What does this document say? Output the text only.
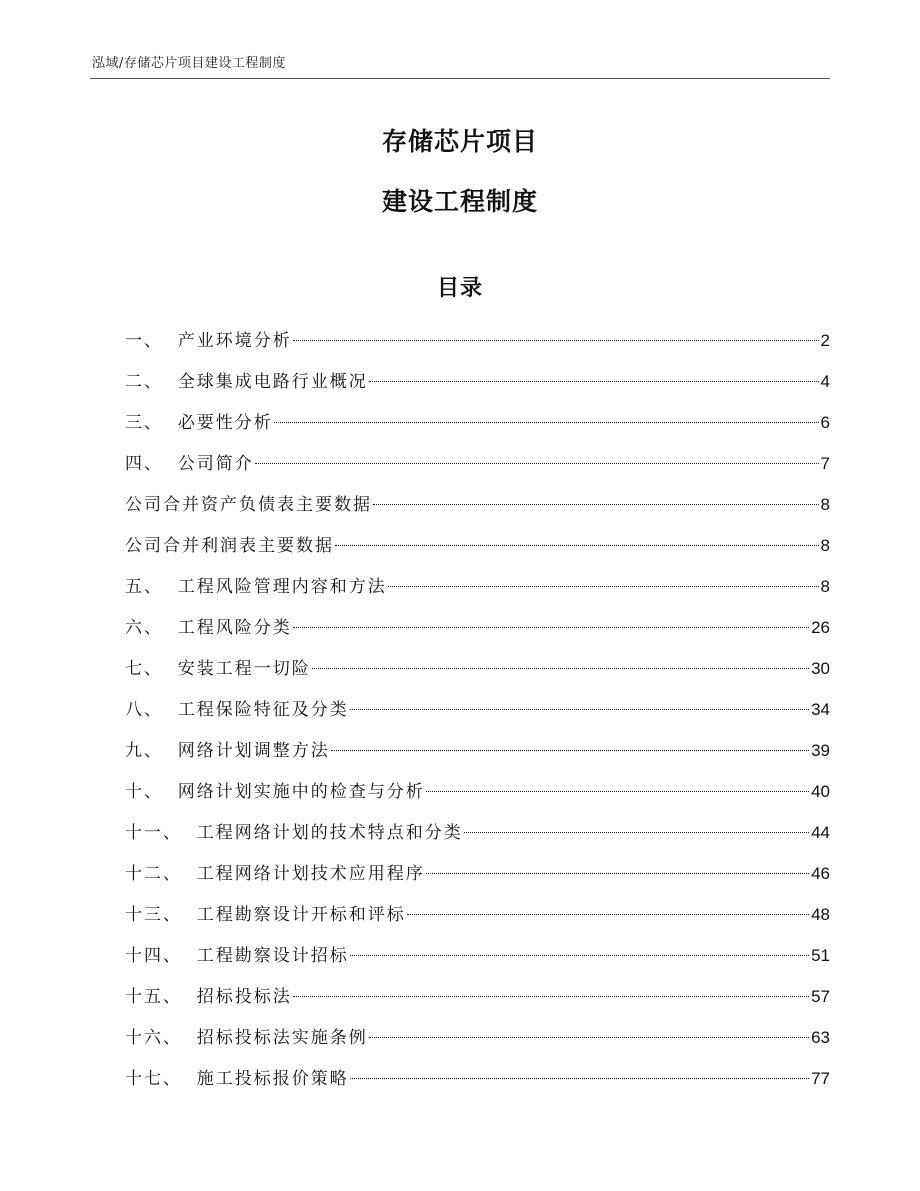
泓域/存储芯片项目建设工程制度
存储芯片项目
建设工程制度
目录
一、  产业环境分析	2
二、  全球集成电路行业概况	4
三、  必要性分析	6
四、  公司简介	7
公司合并资产负债表主要数据	8
公司合并利润表主要数据	8
五、  工程风险管理内容和方法	8
六、  工程风险分类	26
七、  安装工程一切险	30
八、  工程保险特征及分类	34
九、  网络计划调整方法	39
十、  网络计划实施中的检查与分析	40
十一、  工程网络计划的技术特点和分类	44
十二、  工程网络计划技术应用程序	46
十三、  工程勘察设计开标和评标	48
十四、  工程勘察设计招标	51
十五、  招标投标法	57
十六、  招标投标法实施条例	63
十七、  施工投标报价策略	77
